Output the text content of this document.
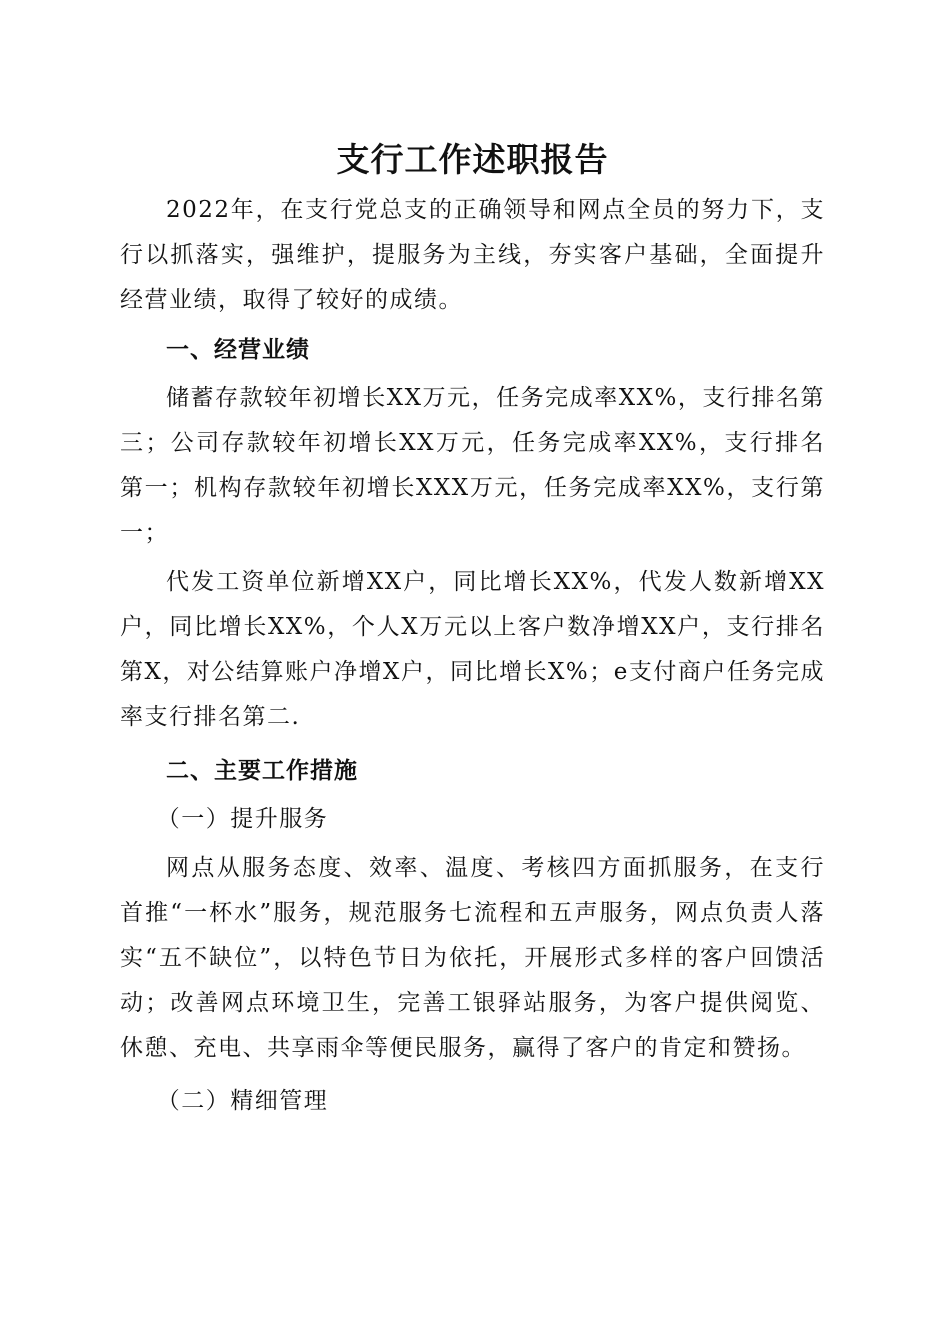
支行工作述职报告

2022年，在支行党总支的正确领导和网点全员的努力下，支行以抓落实，强维护，提服务为主线，夯实客户基础，全面提升经营业绩，取得了较好的成绩。

一、经营业绩

储蓄存款较年初增长XX万元，任务完成率XX%，支行排名第三；公司存款较年初增长XX万元，任务完成率XX%，支行排名第一；机构存款较年初增长XXX万元，任务完成率XX%，支行第一；

代发工资单位新增XX户，同比增长XX%，代发人数新增XX户，同比增长XX%，个人X万元以上客户数净增XX户，支行排名第X，对公结算账户净增X户，同比增长X%；e支付商户任务完成率支行排名第二.

二、主要工作措施

（一）提升服务

网点从服务态度、效率、温度、考核四方面抓服务，在支行首推“一杯水”服务，规范服务七流程和五声服务，网点负责人落实“五不缺位”，以特色节日为依托，开展形式多样的客户回馈活动；改善网点环境卫生，完善工银驿站服务，为客户提供阅览、休憩、充电、共享雨伞等便民服务，赢得了客户的肯定和赞扬。

（二）精细管理
